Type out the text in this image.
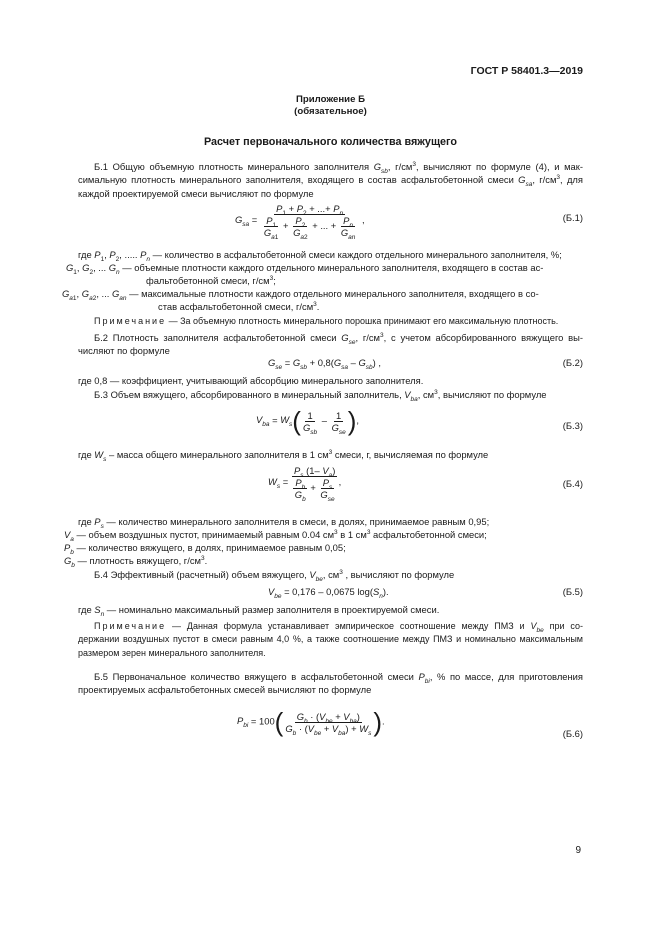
ГОСТ Р 58401.3—2019
Приложение Б
(обязательное)
Расчет первоначального количества вяжущего
Б.1 Общую объемную плотность минерального заполнителя $G_{sb}$, $г/см^3$, вычисляют по формуле (4), и мак- симальную плотность минерального заполнителя, входящего в состав асфальтобетонной смеси $G_{sa}$, $г/см^3$, для каждой проектируемой смеси вычисляют по формуле
$G_{sa} = \frac{P_1 + P_2 + ...+ P_n}{\frac{P_1}{G_{a1}} + \frac{P_2}{G_{a2}} + ... + \frac{P_n}{G_{an}}}$ ,	(Б.1)
где $P_1$, $P_2$, ..... $P_n$ — количество в асфальтобетонной смеси каждого отдельного минерального заполнителя, %;
$G_1$, $G_2$, ... $G_n$ — объемные плотности каждого отдельного минерального заполнителя, входящего в состав ас-
фальтобетонной смеси, $г/см^3$;
$G_{a1}$, $G_{a2}$, ... $G_{an}$ — максимальные плотности каждого отдельного минерального заполнителя, входящего в со-
став асфальтобетонной смеси, $г/см^3$.
Примечание — За объемную плотность минерального порошка принимают его максимальную плотность.
Б.2 Плотность заполнителя асфальтобетонной смеси $G_{se}$, $г/см^3$, с учетом абсорбированного вяжущего вы- числяют по формуле
$G_{se} = G_{sb} + 0,8(G_{sa} - G_{sb})$ ,	(Б.2)
где 0,8 — коэффициент, учитывающий абсорбцию минерального заполнителя.
Б.3 Объем вяжущего, абсорбированного в минеральный заполнитель, $V_{ba}$, $см^3$, вычисляют по формуле
$V_{ba} = W_s( \frac{1}{G_{sb}} - \frac{1}{G_{se}}$ ),
(Б.3)
где $W_s$ – масса общего минерального заполнителя в 1 $см^3$ смеси, г, вычисляемая по формуле
$W_s = \frac{P_s (1- V_a)}{\frac{P_b}{G_b} + \frac{P_s}{G_{se}}}$ ,	(Б.4)
где $P_s$ — количество минерального заполнителя в смеси, в долях, принимаемое равным 0,95;
$V_a$ — объем воздушных пустот, принимаемый равным 0.04 $см^3$ в 1 $см^3$ асфальтобетонной смеси;
$P_b$ — количество вяжущего, в долях, принимаемое равным 0,05;
$G_b$ — плотность вяжущего, $г/см^3$.
Б.4 Эффективный (расчетный) объем вяжущего, $V_{be}$, $см^3$ , вычисляют по формуле
$V_{be} = 0,176 - 0,0675$ $\log(S_n)$.	(Б.5)
где $S_n$ — номинально максимальный размер заполнителя в проектируемой смеси.
Примечание — Данная формула устанавливает эмпирическое соотношение между ПМЗ и $V_{be}$ при со- держании воздушных пустот в смеси равным 4,0 %, а также соотношение между ПМЗ и номинально максимальным размером зерен минерального заполнителя.
Б.5 Первоначальное количество вяжущего в асфальтобетонной смеси $P_{bi}$, % по массе, для приготовления проектируемых асфальтобетонных смесей вычисляют по формуле
$P_{bi} = 100( \frac{G_b \cdot (V_{be} + V_{ba})}{G_b \cdot (V_{be} + V_{ba}) + W_s}$ ).
(Б.6)
9
